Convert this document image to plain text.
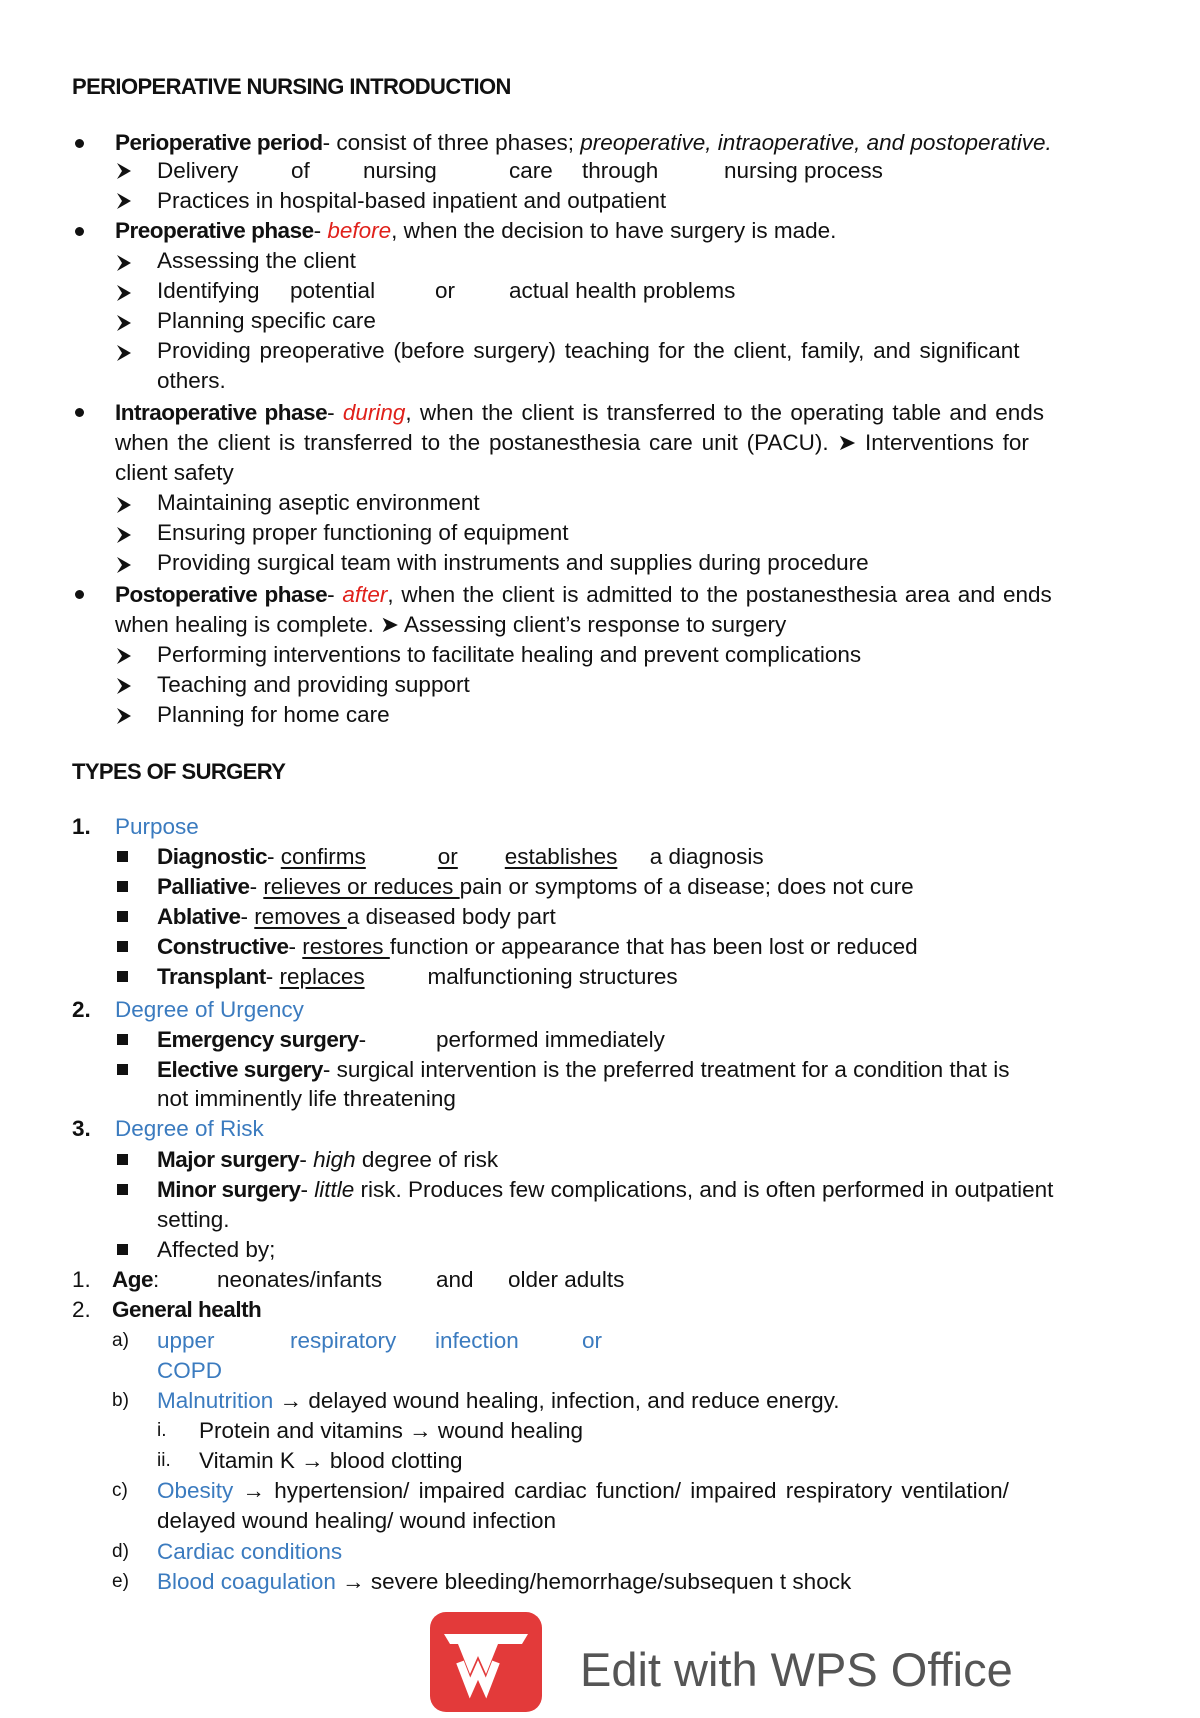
PERIOPERATIVE NURSING INTRODUCTION
Perioperative period- consist of three phases; preoperative, intraoperative, and postoperative.
Delivery of nursing	care through	nursing process
Practices in hospital-based inpatient and outpatient
Preoperative phase- before, when the decision to have surgery is made.
Assessing the client
Identifying potential	or actual health problems
Planning specific care
Providing preoperative (before surgery) teaching for the client, family, and significant
others.
Intraoperative phase- during, when the client is transferred to the operating table and ends
when the client is transferred to the postanesthesia care unit (PACU). ➤ Interventions for
client safety
Maintaining aseptic environment
Ensuring proper functioning of equipment
Providing surgical team with instruments and supplies during procedure
Postoperative phase- after, when the client is admitted to the postanesthesia area and ends
when healing is complete. ➤ Assessing client’s response to surgery
Performing interventions to facilitate healing and prevent complications
Teaching and providing support
Planning for home care
TYPES OF SURGERY
1. Purpose
Diagnostic- confirms	or establishesa diagnosis
Palliative- relieves or reduces pain or symptoms of a disease; does not cure
Ablative- removes a diseased body part
Constructive- restores function or appearance that has been lost or reduced
Transplant- replaces	malfunctioning structures
2. Degree of Urgency
Emergency surgery-	performed immediately
Elective surgery- surgical intervention is the preferred treatment for a condition that is
not imminently life threatening
3. Degree of Risk
Major surgery- high degree of risk
Minor surgery- little risk. Produces few complications, and is often performed in outpatient
setting.
Affected by;
1. Age:	neonates/infants and older adults
2. General health
a) upper	respiratory infection	or
COPD
b) Malnutrition → delayed wound healing, infection, and reduce energy.
i. Protein and vitamins → wound healing
ii. Vitamin K → blood clotting
c) Obesity → hypertension/ impaired cardiac function/ impaired respiratory ventilation/
delayed wound healing/ wound infection
d) Cardiac conditions
e) Blood coagulation → severe bleeding/hemorrhage/subsequen t shock
Edit with WPS Office
